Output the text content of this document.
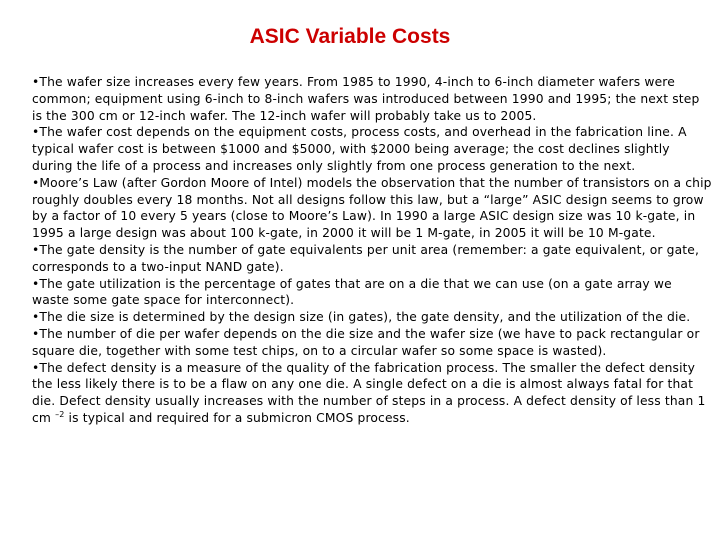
ASIC Variable Costs

•The wafer size increases every few years. From 1985 to 1990, 4-inch to 6-inch diameter wafers were common; equipment using 6-inch to 8-inch wafers was introduced between 1990 and 1995; the next step is the 300 cm or 12-inch wafer. The 12-inch wafer will probably take us to 2005.

•The wafer cost depends on the equipment costs, process costs, and overhead in the fabrication line. A typical wafer cost is between $1000 and $5000, with $2000 being average; the cost declines slightly during the life of a process and increases only slightly from one process generation to the next.

•Moore’s Law (after Gordon Moore of Intel) models the observation that the number of transistors on a chip roughly doubles every 18 months. Not all designs follow this law, but a “large” ASIC design seems to grow by a factor of 10 every 5 years (close to Moore’s Law). In 1990 a large ASIC design size was 10 k-gate, in 1995 a large design was about 100 k-gate, in 2000 it will be 1 M-gate, in 2005 it will be 10 M-gate.

•The gate density is the number of gate equivalents per unit area (remember: a gate equivalent, or gate, corresponds to a two-input NAND gate).

•The gate utilization is the percentage of gates that are on a die that we can use (on a gate array we waste some gate space for interconnect).

•The die size is determined by the design size (in gates), the gate density, and the utilization of the die.

•The number of die per wafer depends on the die size and the wafer size (we have to pack rectangular or square die, together with some test chips, on to a circular wafer so some space is wasted).

•The defect density is a measure of the quality of the fabrication process. The smaller the defect density the less likely there is to be a flaw on any one die. A single defect on a die is almost always fatal for that die. Defect density usually increases with the number of steps in a process. A defect density of less than 1 cm $^{-2}$ is typical and required for a submicron CMOS process.
